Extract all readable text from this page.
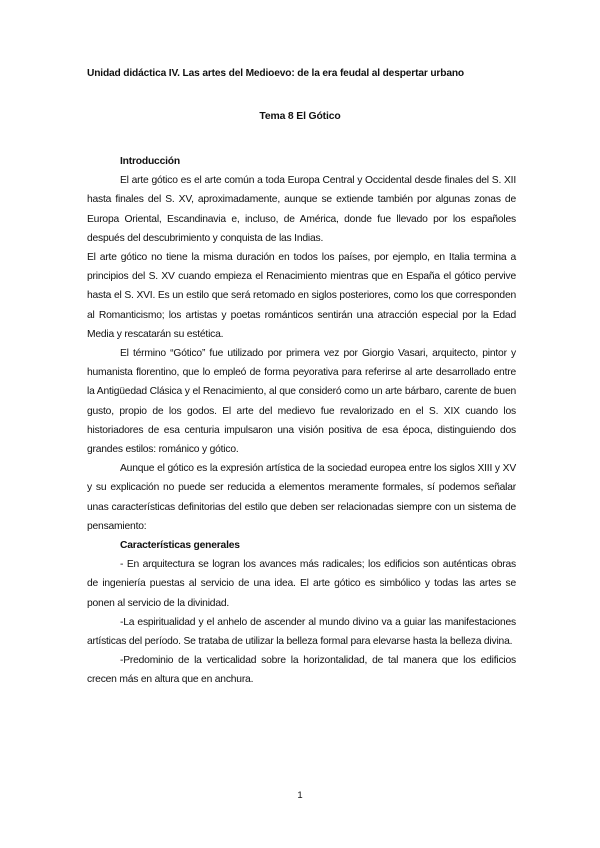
Unidad didáctica IV. Las artes del Medioevo: de la era feudal al despertar urbano
Tema 8 El Gótico

Introducción

El arte gótico es el arte común a toda Europa Central y Occidental desde finales del S. XII hasta finales del S. XV, aproximadamente, aunque se extiende también por algunas zonas de Europa Oriental, Escandinavia e, incluso, de América, donde fue llevado por los españoles después del descubrimiento y conquista de las Indias.

El arte gótico no tiene la misma duración en todos los países, por ejemplo, en Italia termina a principios del S. XV cuando empieza el Renacimiento mientras que en España el gótico pervive hasta el S. XVI. Es un estilo que será retomado en siglos posteriores, como los que corresponden al Romanticismo; los artistas y poetas románticos sentirán una atracción especial por la Edad Media y rescatarán su estética.

El término “Gótico” fue utilizado por primera vez por Giorgio Vasari, arquitecto, pintor y humanista florentino, que lo empleó de forma peyorativa para referirse al arte desarrollado entre la Antigüedad Clásica y el Renacimiento, al que consideró como un arte bárbaro, carente de buen gusto, propio de los godos. El arte del medievo fue revalorizado en el S. XIX cuando los historiadores de esa centuria impulsaron una visión positiva de esa época, distinguiendo dos grandes estilos: románico y gótico.

Aunque el gótico es la expresión artística de la sociedad europea entre los siglos XIII y XV y su explicación no puede ser reducida a elementos meramente formales, sí podemos señalar unas características definitorias del estilo que deben ser relacionadas siempre con un sistema de pensamiento:

Características generales

- En arquitectura se logran los avances más radicales; los edificios son auténticas obras de ingeniería puestas al servicio de una idea. El arte gótico es simbólico y todas las artes se ponen al servicio de la divinidad.

-La espiritualidad y el anhelo de ascender al mundo divino va a guiar las manifestaciones artísticas del período. Se trataba de utilizar la belleza formal para elevarse hasta la belleza divina.

-Predominio de la verticalidad sobre la horizontalidad, de tal manera que los edificios crecen más en altura que en anchura.

1
